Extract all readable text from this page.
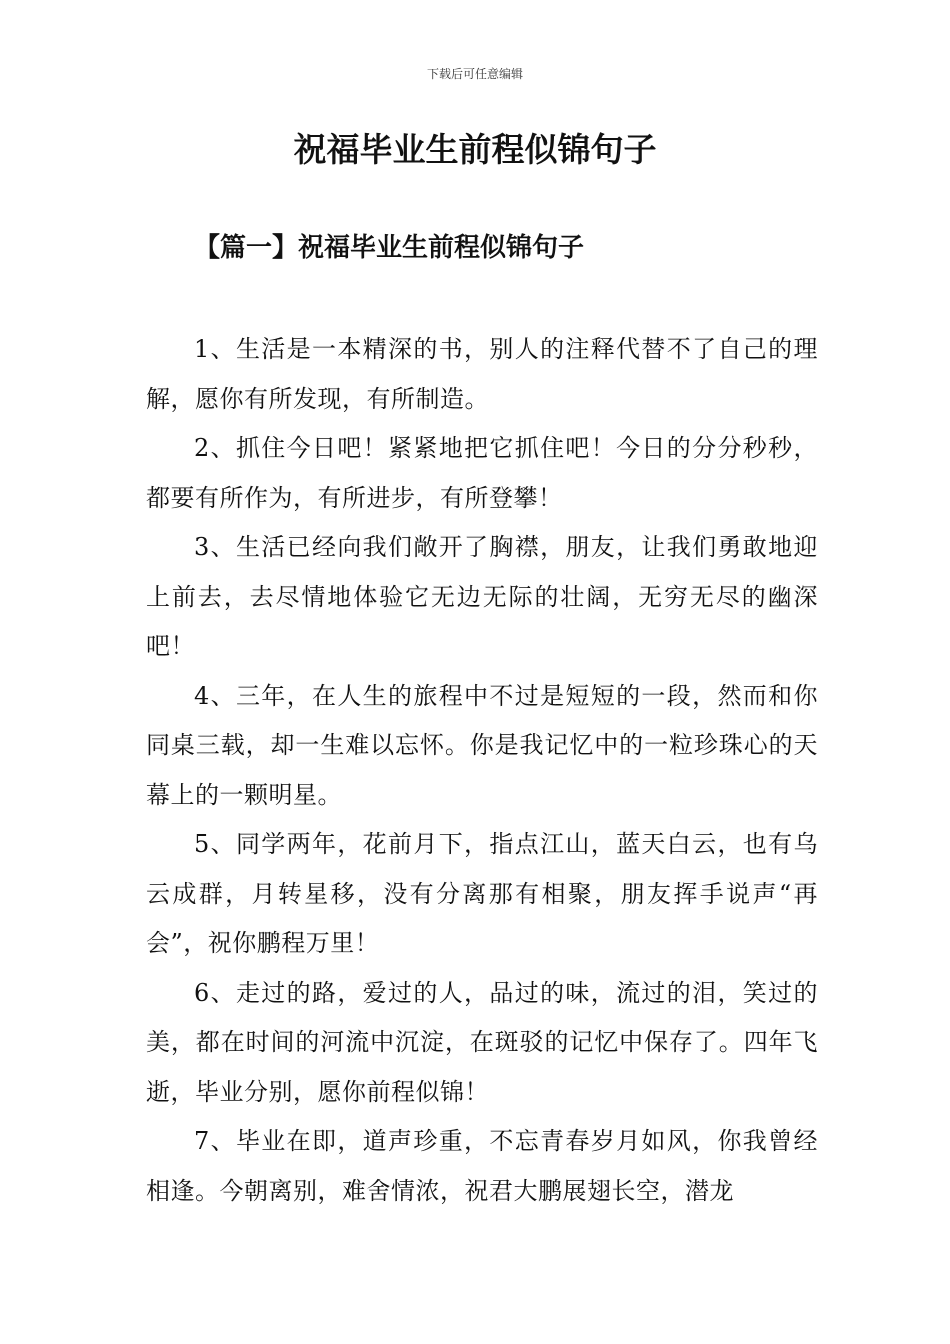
下载后可任意编辑
祝福毕业生前程似锦句子
【篇一】祝福毕业生前程似锦句子

1、生活是一本精深的书，别人的注释代替不了自己的理解，愿你有所发现，有所制造。

2、抓住今日吧！紧紧地把它抓住吧！今日的分分秒秒，都要有所作为，有所进步，有所登攀！

3、生活已经向我们敞开了胸襟，朋友，让我们勇敢地迎上前去，去尽情地体验它无边无际的壮阔，无穷无尽的幽深吧！

4、三年，在人生的旅程中不过是短短的一段，然而和你同桌三载，却一生难以忘怀。你是我记忆中的一粒珍珠心的天幕上的一颗明星。

5、同学两年，花前月下，指点江山，蓝天白云，也有乌云成群，月转星移，没有分离那有相聚，朋友挥手说声“再会”，祝你鹏程万里！

6、走过的路，爱过的人，品过的味，流过的泪，笑过的美，都在时间的河流中沉淀，在斑驳的记忆中保存了。四年飞逝，毕业分别，愿你前程似锦！

7、毕业在即，道声珍重，不忘青春岁月如风，你我曾经相逢。今朝离别，难舍情浓，祝君大鹏展翅长空，潜龙
